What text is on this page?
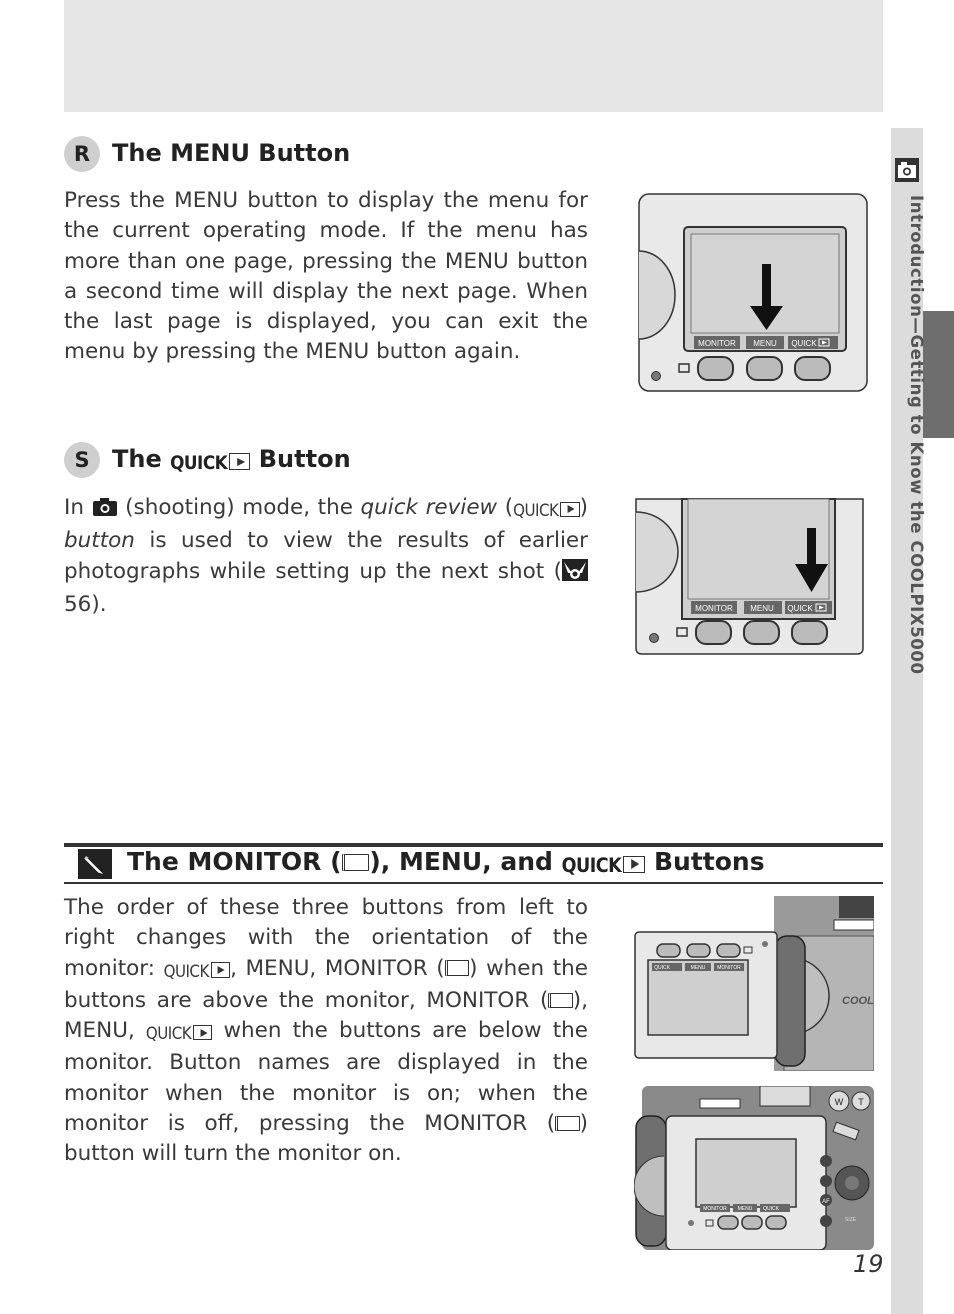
Introduction—Getting to Know the COOLPIX5000
R The MENU Button

Press the MENU button to display the menu for the current operating mode. If the menu has more than one page, pressing the MENU button a second time will display the next page. When the last page is displayed, you can exit the menu by pressing the MENU button again.	MONITOR MENU QUICK
S The QUICK Button

In  (shooting) mode, the quick review (QUICK ) button is used to view the results of earlier photographs while setting up the next shot ( 56).	MONITOR MENU QUICK
The MONITOR ( ), MENU, and QUICK Buttons

The order of these three buttons from left to right changes with the orientation of the monitor: QUICK , MENU, MONITOR ( ) when the buttons are above the monitor, MONITOR ( ), MENU, QUICK when the buttons are below the monitor. Button names are displayed in the monitor when the monitor is on; when the monitor is off, pressing the MONITOR ( ) button will turn the monitor on.

COOLI
QUICK	MENU MONITOR
W T
MONITOR MENU QUICK
AF
SIZE
19
